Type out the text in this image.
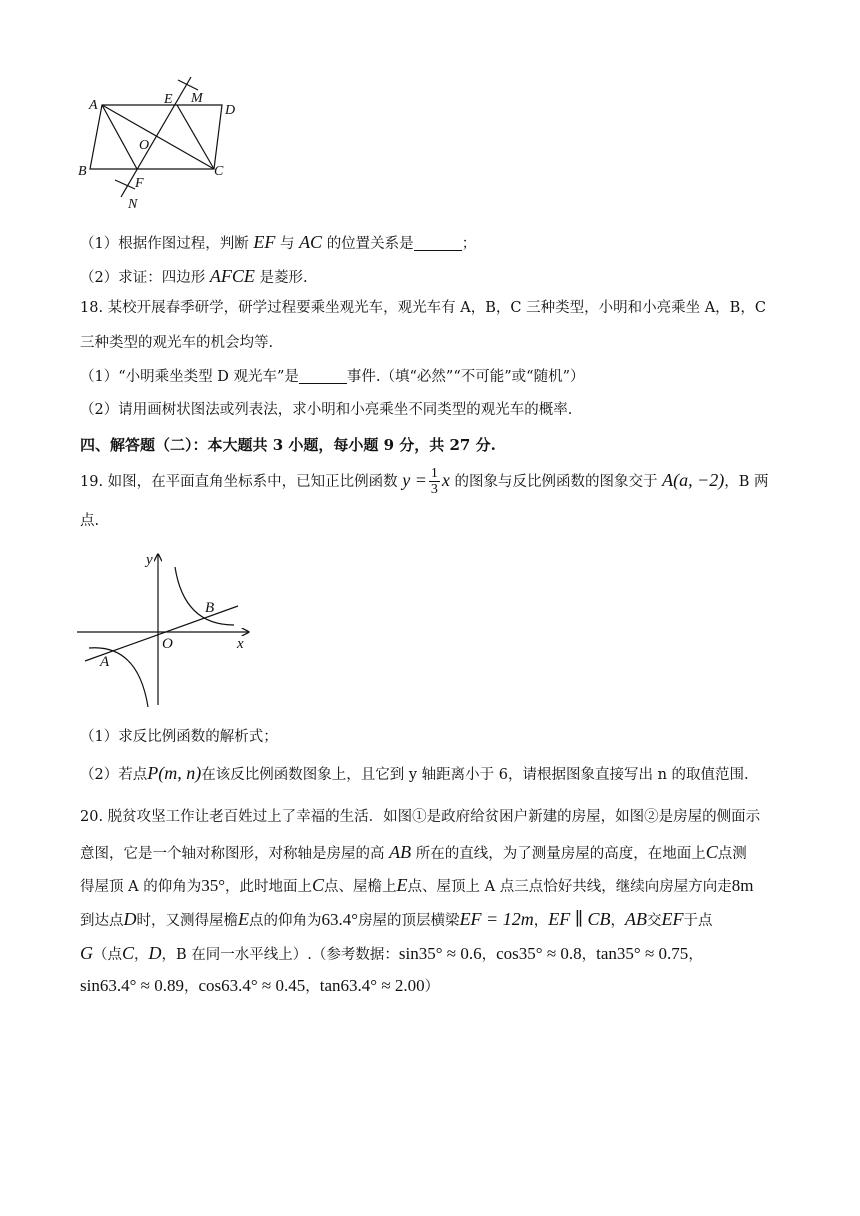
A	E M
D
O
B
F
C
N
（1）根据作图过程，判断 EF 与 AC 的位置关系是	；
（2）求证：四边形 AFCE 是菱形.
18. 某校开展春季研学，研学过程要乘坐观光车，观光车有 A，B，C 三种类型，小明和小亮乘坐 A，B，C
三种类型的观光车的机会均等.
（1）“小明乘坐类型 D 观光车”是	事件.（填“必然”“不可能”或“随机”）
（2）请用画树状图法或列表法，求小明和小亮乘坐不同类型的观光车的概率.
四、解答题（二）：本大题共 3 小题，每小题 9 分，共 27 分.
19. 如图，在平面直角坐标系中，已知正比例函数 $y = \frac{1}{3}$ x 的图象与反比例函数的图象交于 A(a, −2)，B 两
点.
y
x
O
A
B
（1）求反比例函数的解析式；
（2）若点P(m, n)在该反比例函数图象上，且它到 y 轴距离小于 6，请根据图象直接写出 n 的取值范围.
20. 脱贫攻坚工作让老百姓过上了幸福的生活．如图①是政府给贫困户新建的房屋，如图②是房屋的侧面示
意图，它是一个轴对称图形，对称轴是房屋的高 AB 所在的直线，为了测量房屋的高度，在地面上C点测
得屋顶 A 的仰角为35°，此时地面上C点、屋檐上E点、屋顶上 A 点三点恰好共线，继续向房屋方向走8m
到达点D时，又测得屋檐E点的仰角为63.4°房屋的顶层横梁EF = 12m，EF ∥ CB，AB交EF于点
G（点C，D，B 在同一水平线上）.（参考数据：sin35° ≈ 0.6，cos35° ≈ 0.8，tan35° ≈ 0.75，
sin63.4° ≈ 0.89，cos63.4° ≈ 0.45，tan63.4° ≈ 2.00）
